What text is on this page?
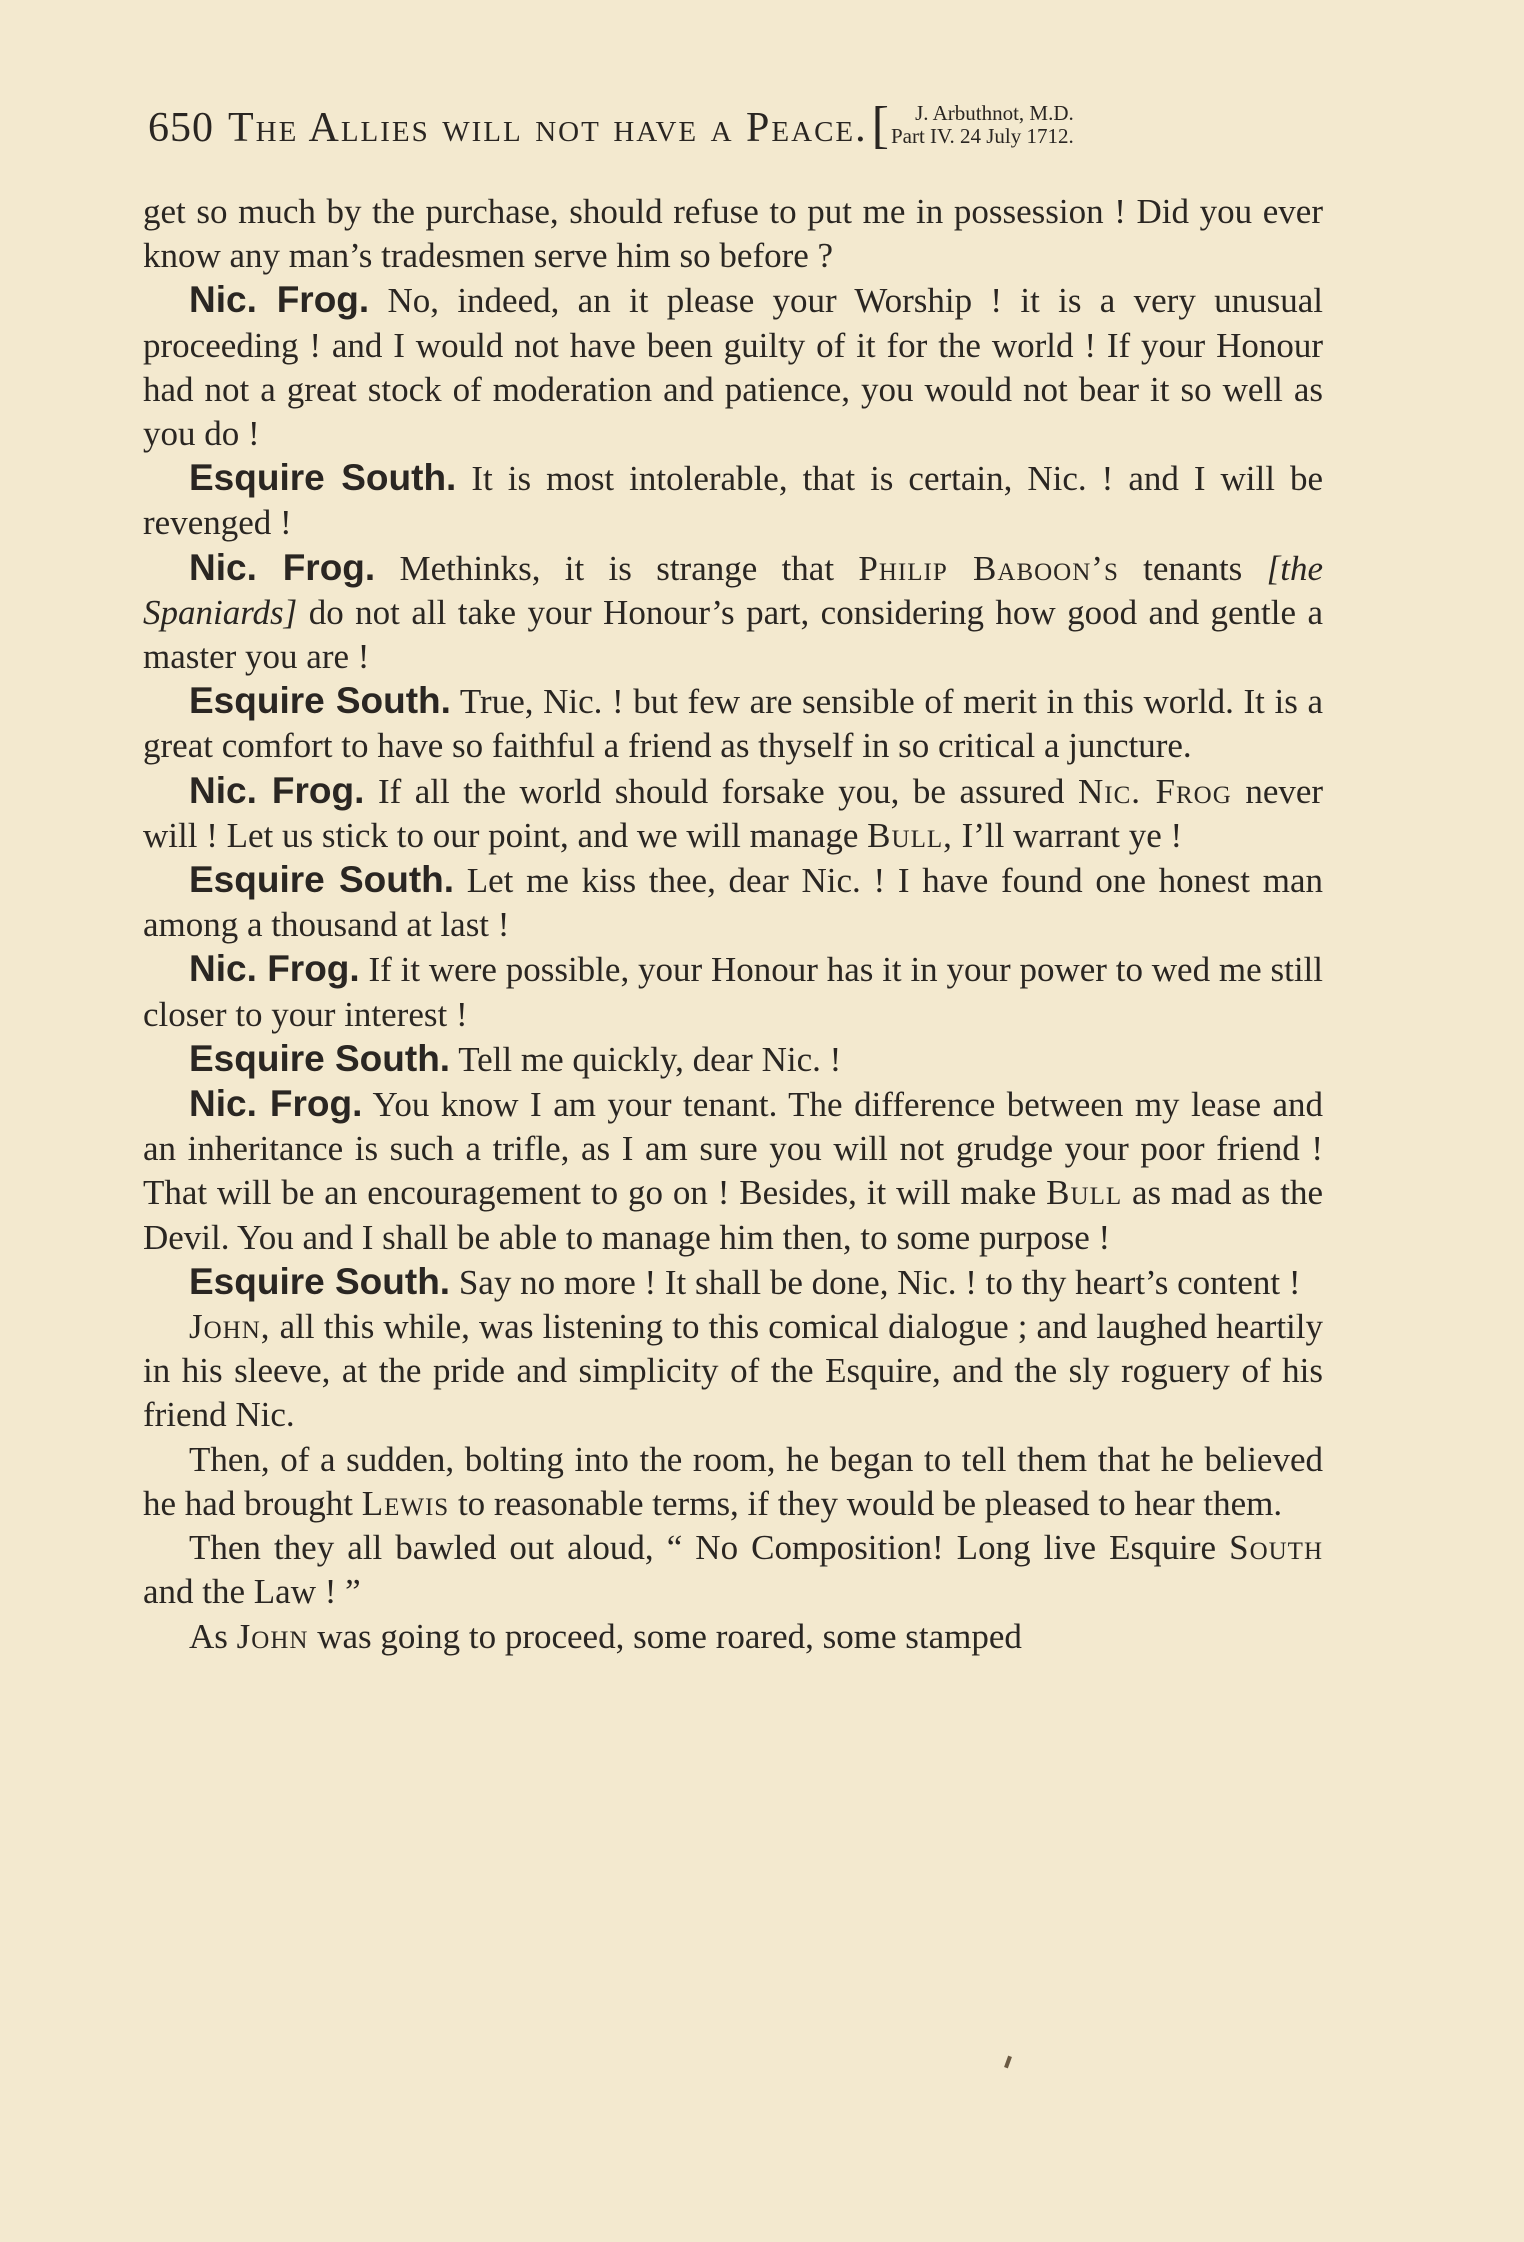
650 The Allies will not have a Peace. [	J. Arbuthnot, M.D.
Part IV. 24 July 1712.

get so much by the purchase, should refuse to put me in possession ! Did you ever know any man’s tradesmen serve him so before ?

Nic. Frog. No, indeed, an it please your Worship ! it is a very unusual proceeding ! and I would not have been guilty of it for the world ! If your Honour had not a great stock of moderation and patience, you would not bear it so well as you do !

Esquire South. It is most intolerable, that is certain, Nic. ! and I will be revenged !

Nic. Frog. Methinks, it is strange that Philip Baboon’s tenants [the Spaniards] do not all take your Honour’s part, considering how good and gentle a master you are !

Esquire South. True, Nic. ! but few are sensible of merit in this world. It is a great comfort to have so faithful a friend as thyself in so critical a juncture.

Nic. Frog. If all the world should forsake you, be assured Nic. Frog never will ! Let us stick to our point, and we will manage Bull, I’ll warrant ye !

Esquire South. Let me kiss thee, dear Nic. ! I have found one honest man among a thousand at last !

Nic. Frog. If it were possible, your Honour has it in your power to wed me still closer to your interest !

Esquire South. Tell me quickly, dear Nic. !

Nic. Frog. You know I am your tenant. The difference between my lease and an inheritance is such a trifle, as I am sure you will not grudge your poor friend ! That will be an encouragement to go on ! Besides, it will make Bull as mad as the Devil. You and I shall be able to manage him then, to some purpose !

Esquire South. Say no more ! It shall be done, Nic. ! to thy heart’s content !

John, all this while, was listening to this comical dialogue ; and laughed heartily in his sleeve, at the pride and simplicity of the Esquire, and the sly roguery of his friend Nic.

Then, of a sudden, bolting into the room, he began to tell them that he believed he had brought Lewis to reasonable terms, if they would be pleased to hear them.

Then they all bawled out aloud, “ No Composition! Long live Esquire South and the Law ! ”

As John was going to proceed, some roared, some stamped
